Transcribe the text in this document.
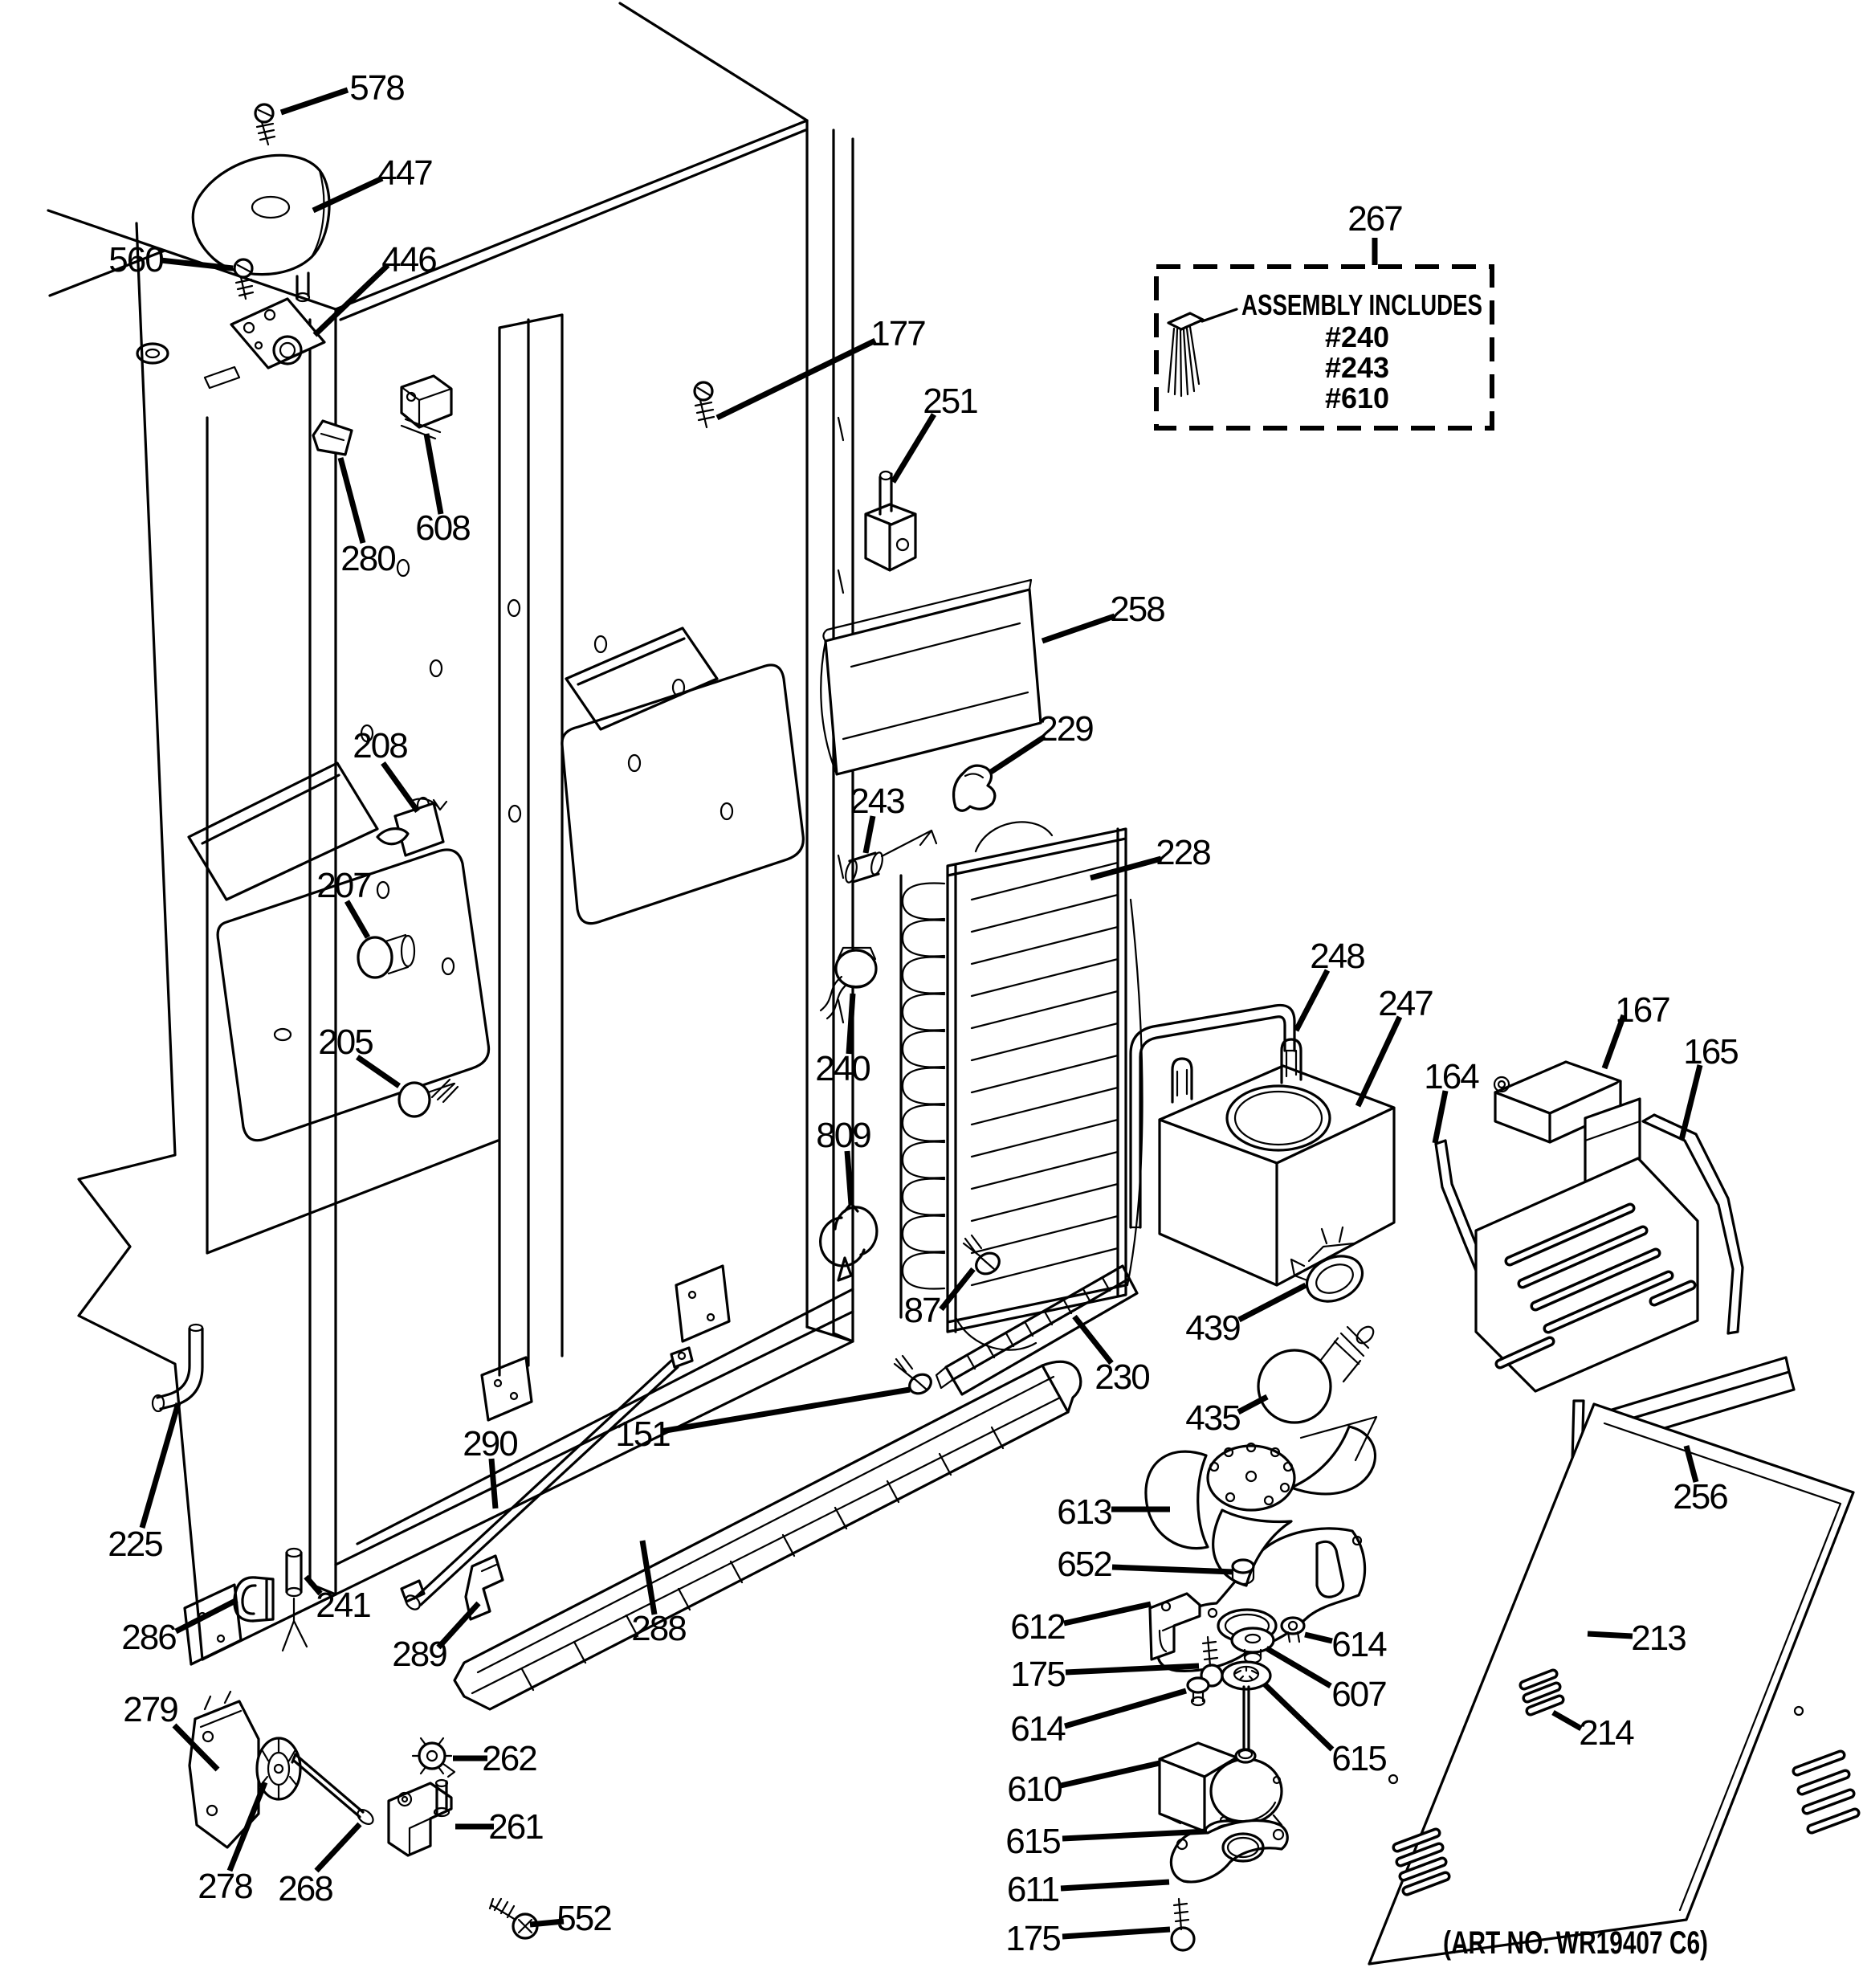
ASSEMBLY INCLUDES
#240
#243
#610
(ART NO. WR19407 C6)
578
447
560	446
280
608
208
207
205
177
251
267
258
229
243
228
240
809
87
230
151
290
288
289
248
247
164
167
165
439
435
256
213
214
613
652
612
175
614
614
607
615
610
615
611
175
225
286
241
279
278 268
262
261
552
